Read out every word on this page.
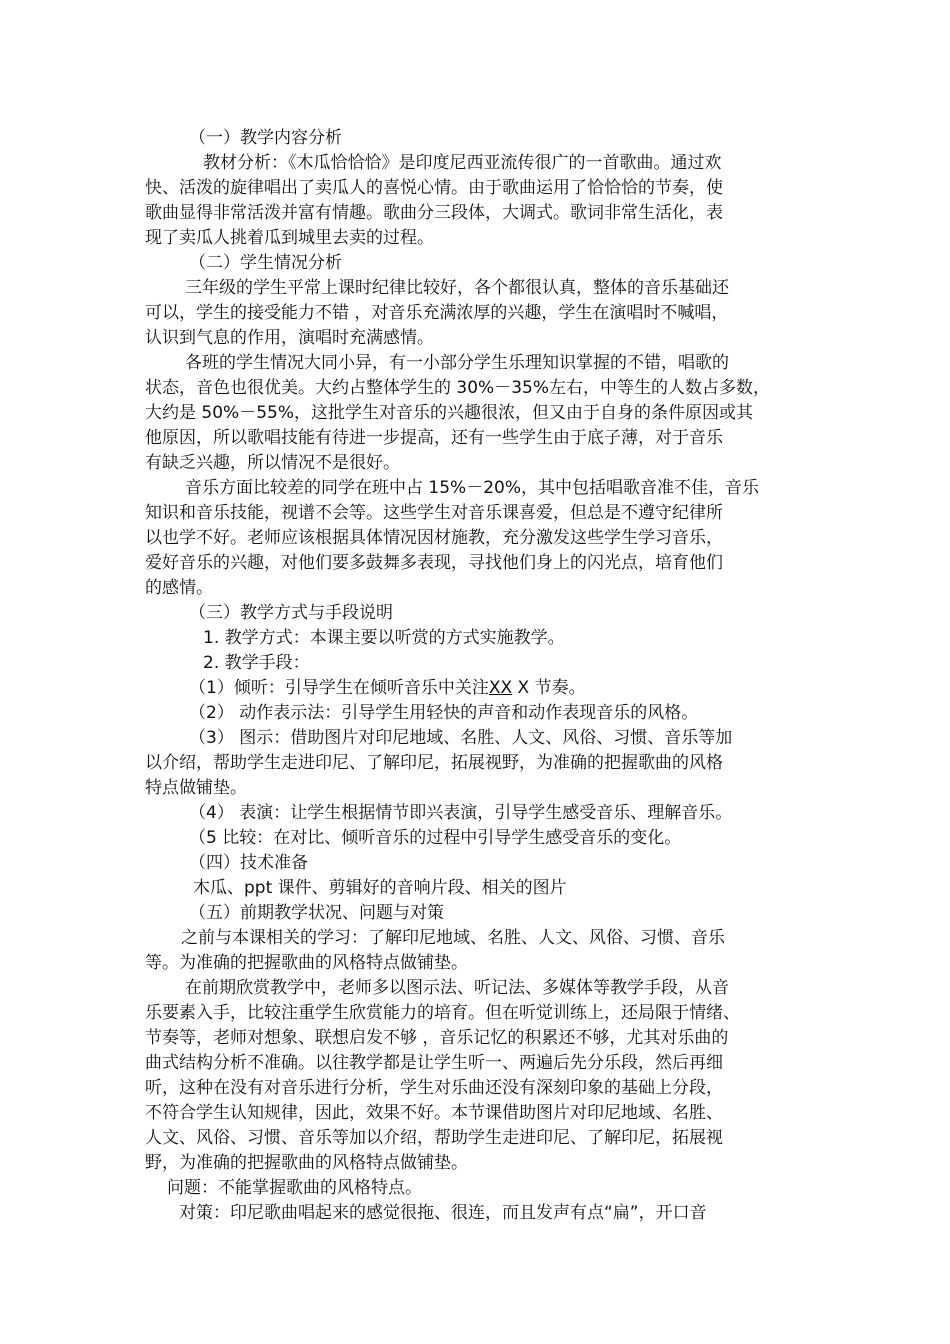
（一）教学内容分析
教材分析：《木瓜恰恰恰》是印度尼西亚流传很广的一首歌曲。通过欢
快、活泼的旋律唱出了卖瓜人的喜悦心情。由于歌曲运用了恰恰恰的节奏，使
歌曲显得非常活泼并富有情趣。歌曲分三段体，大调式。歌词非常生活化，表
现了卖瓜人挑着瓜到城里去卖的过程。
（二）学生情况分析
三年级的学生平常上课时纪律比较好，各个都很认真，整体的音乐基础还
可以，学生的接受能力不错 ，对音乐充满浓厚的兴趣，学生在演唱时不喊唱，
认识到气息的作用，演唱时充满感情。
各班的学生情况大同小异，有一小部分学生乐理知识掌握的不错，唱歌的
状态，音色也很优美。大约占整体学生的 30%－35%左右，中等生的人数占多数，
大约是 50%－55%，这批学生对音乐的兴趣很浓，但又由于自身的条件原因或其
他原因，所以歌唱技能有待进一步提高，还有一些学生由于底子薄，对于音乐
有缺乏兴趣，所以情况不是很好。
音乐方面比较差的同学在班中占 15%－20%，其中包括唱歌音准不佳，音乐
知识和音乐技能，视谱不会等。这些学生对音乐课喜爱，但总是不遵守纪律所
以也学不好。老师应该根据具体情况因材施教，充分激发这些学生学习音乐，
爱好音乐的兴趣，对他们要多鼓舞多表现，寻找他们身上的闪光点，培育他们
的感情。
（三）教学方式与手段说明
1. 教学方式：本课主要以听赏的方式实施教学。
2. 教学手段：
（1）倾听：引导学生在倾听音乐中关注XX X 节奏。
（2） 动作表示法：引导学生用轻快的声音和动作表现音乐的风格。
（3） 图示：借助图片对印尼地域、名胜、人文、风俗、习惯、音乐等加
以介绍，帮助学生走进印尼、了解印尼，拓展视野，为准确的把握歌曲的风格
特点做铺垫。
（4） 表演：让学生根据情节即兴表演，引导学生感受音乐、理解音乐。
（5 比较：在对比、倾听音乐的过程中引导学生感受音乐的变化。
（四）技术准备
木瓜、ppt 课件、剪辑好的音响片段、相关的图片
（五）前期教学状况、问题与对策
之前与本课相关的学习：了解印尼地域、名胜、人文、风俗、习惯、音乐
等。为准确的把握歌曲的风格特点做铺垫。
在前期欣赏教学中，老师多以图示法、听记法、多媒体等教学手段，从音
乐要素入手，比较注重学生欣赏能力的培育。但在听觉训练上，还局限于情绪、
节奏等，老师对想象、联想启发不够 ，音乐记忆的积累还不够，尤其对乐曲的
曲式结构分析不准确。以往教学都是让学生听一、两遍后先分乐段，然后再细
听，这种在没有对音乐进行分析，学生对乐曲还没有深刻印象的基础上分段，
不符合学生认知规律，因此，效果不好。本节课借助图片对印尼地域、名胜、
人文、风俗、习惯、音乐等加以介绍，帮助学生走进印尼、了解印尼，拓展视
野，为准确的把握歌曲的风格特点做铺垫。
问题：不能掌握歌曲的风格特点。
对策：印尼歌曲唱起来的感觉很拖、很连，而且发声有点“扁”，开口音
